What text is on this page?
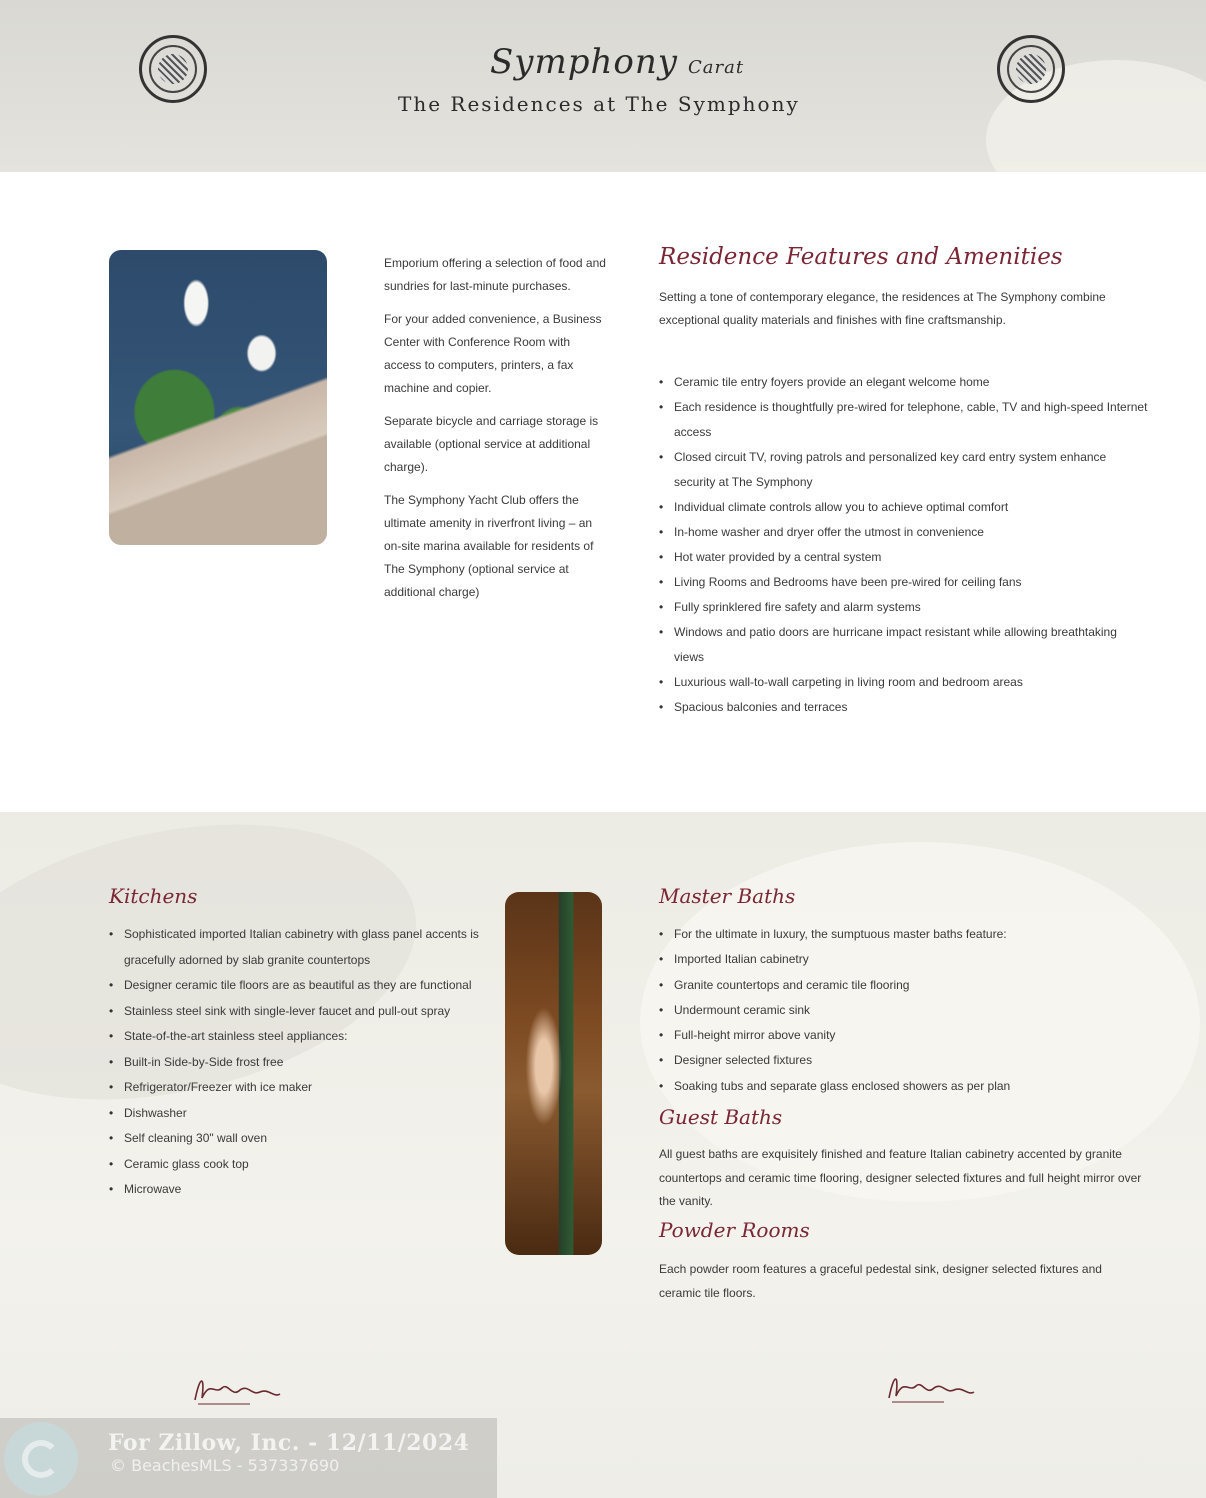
Symphony Carat
The Residences at The Symphony

Emporium offering a selection of food and sundries for last-minute purchases.

For your added convenience, a Business Center with Conference Room with access to computers, printers, a fax machine and copier.

Separate bicycle and carriage storage is available (optional service at additional charge).

The Symphony Yacht Club offers the ultimate amenity in riverfront living – an on-site marina available for residents of The Symphony (optional service at additional charge)

Residence Features and Amenities

Setting a tone of contemporary elegance, the residences at The Symphony combine exceptional quality materials and finishes with fine craftsmanship.

• Ceramic tile entry foyers provide an elegant welcome home
• Each residence is thoughtfully pre-wired for telephone, cable, TV and high-speed Internet access
• Closed circuit TV, roving patrols and personalized key card entry system enhance security at The Symphony
• Individual climate controls allow you to achieve optimal comfort
• In-home washer and dryer offer the utmost in convenience
• Hot water provided by a central system
• Living Rooms and Bedrooms have been pre-wired for ceiling fans
• Fully sprinklered fire safety and alarm systems
• Windows and patio doors are hurricane impact resistant while allowing breathtaking views
• Luxurious wall-to-wall carpeting in living room and bedroom areas
• Spacious balconies and terraces
Kitchens
• Sophisticated imported Italian cabinetry with glass panel accents is gracefully adorned by slab granite countertops
• Designer ceramic tile floors are as beautiful as they are functional
• Stainless steel sink with single-lever faucet and pull-out spray
• State-of-the-art stainless steel appliances:
• Built-in Side-by-Side frost free
• Refrigerator/Freezer with ice maker
• Dishwasher
• Self cleaning 30" wall oven
• Ceramic glass cook top
• Microwave
Master Baths
• For the ultimate in luxury, the sumptuous master baths feature:
• Imported Italian cabinetry
• Granite countertops and ceramic tile flooring
• Undermount ceramic sink
• Full-height mirror above vanity
• Designer selected fixtures
• Soaking tubs and separate glass enclosed showers as per plan
Guest Baths

All guest baths are exquisitely finished and feature Italian cabinetry accented by granite countertops and ceramic time flooring, designer selected fixtures and full height mirror over the vanity.

Powder Rooms

Each powder room features a graceful pedestal sink, designer selected fixtures and ceramic tile floors.

For Zillow, Inc. - 12/11/2024
© BeachesMLS - 537337690
